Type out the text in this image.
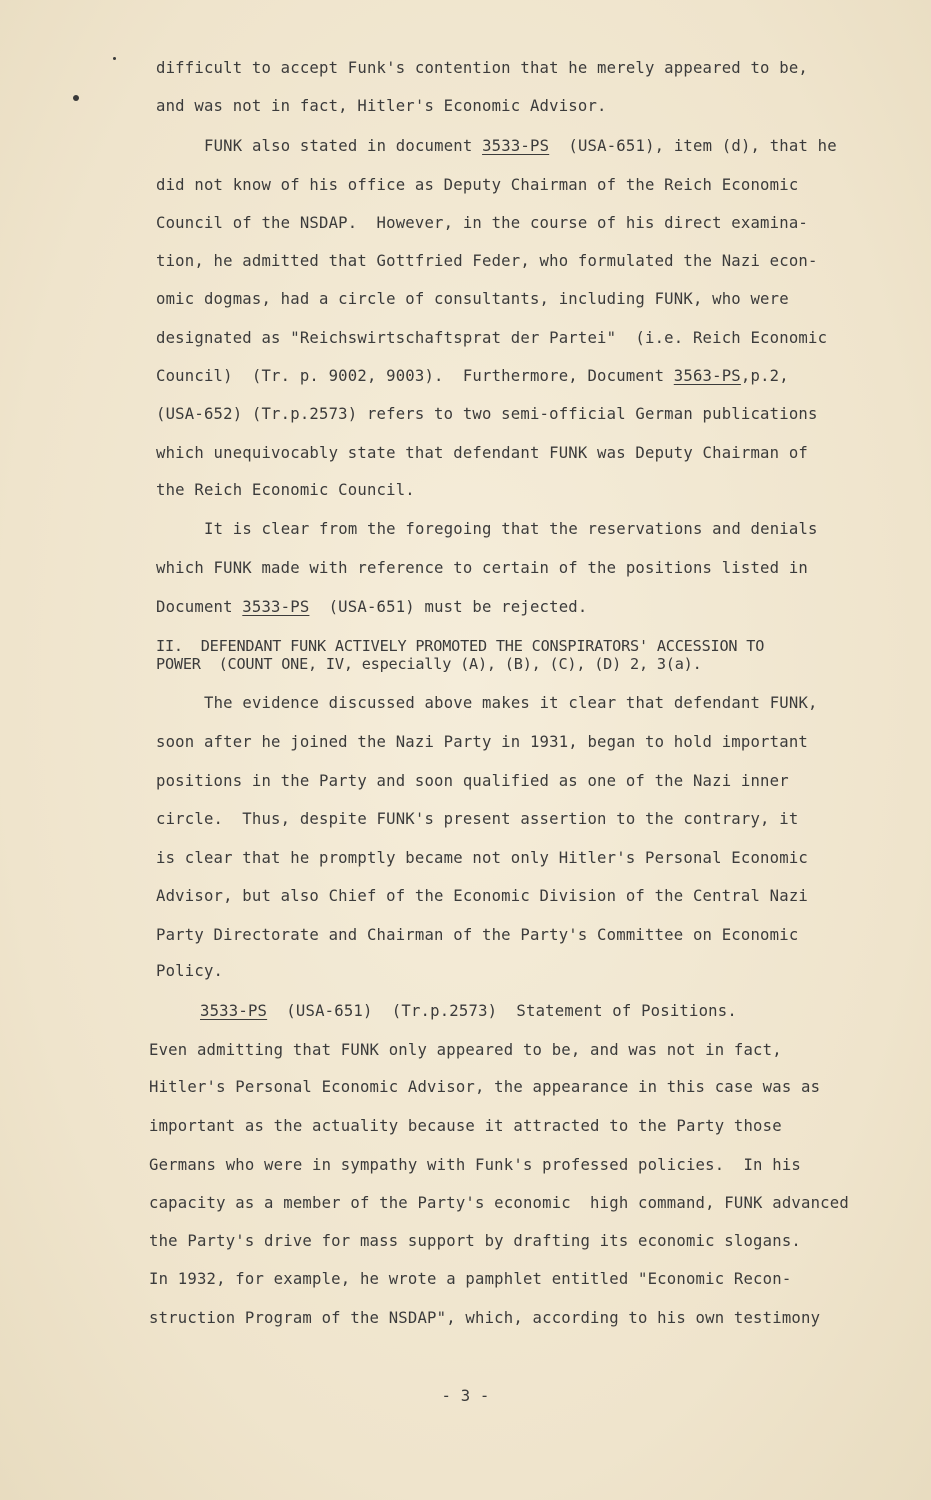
difficult to accept Funk's contention that he merely appeared to be,
and was not in fact, Hitler's Economic Advisor.
FUNK also stated in document 3533-PS  (USA-651), item (d), that he
did not know of his office as Deputy Chairman of the Reich Economic
Council of the NSDAP.  However, in the course of his direct examina-
tion, he admitted that Gottfried Feder, who formulated the Nazi econ-
omic dogmas, had a circle of consultants, including FUNK, who were
designated as "Reichswirtschaftsprat der Partei"  (i.e. Reich Economic
Council)  (Tr. p. 9002, 9003).  Furthermore, Document 3563-PS,p.2,
(USA-652) (Tr.p.2573) refers to two semi-official German publications
which unequivocably state that defendant FUNK was Deputy Chairman of
the Reich Economic Council.
It is clear from the foregoing that the reservations and denials
which FUNK made with reference to certain of the positions listed in
Document 3533-PS  (USA-651) must be rejected.
II.  DEFENDANT FUNK ACTIVELY PROMOTED THE CONSPIRATORS' ACCESSION TO
POWER  (COUNT ONE, IV, especially (A), (B), (C), (D) 2, 3(a).
The evidence discussed above makes it clear that defendant FUNK,
soon after he joined the Nazi Party in 1931, began to hold important
positions in the Party and soon qualified as one of the Nazi inner
circle.  Thus, despite FUNK's present assertion to the contrary, it
is clear that he promptly became not only Hitler's Personal Economic
Advisor, but also Chief of the Economic Division of the Central Nazi
Party Directorate and Chairman of the Party's Committee on Economic
Policy.
3533-PS  (USA-651)  (Tr.p.2573)  Statement of Positions.
Even admitting that FUNK only appeared to be, and was not in fact,
Hitler's Personal Economic Advisor, the appearance in this case was as
important as the actuality because it attracted to the Party those
Germans who were in sympathy with Funk's professed policies.  In his
capacity as a member of the Party's economic  high command, FUNK advanced
the Party's drive for mass support by drafting its economic slogans.
In 1932, for example, he wrote a pamphlet entitled "Economic Recon-
struction Program of the NSDAP", which, according to his own testimony
- 3 -
